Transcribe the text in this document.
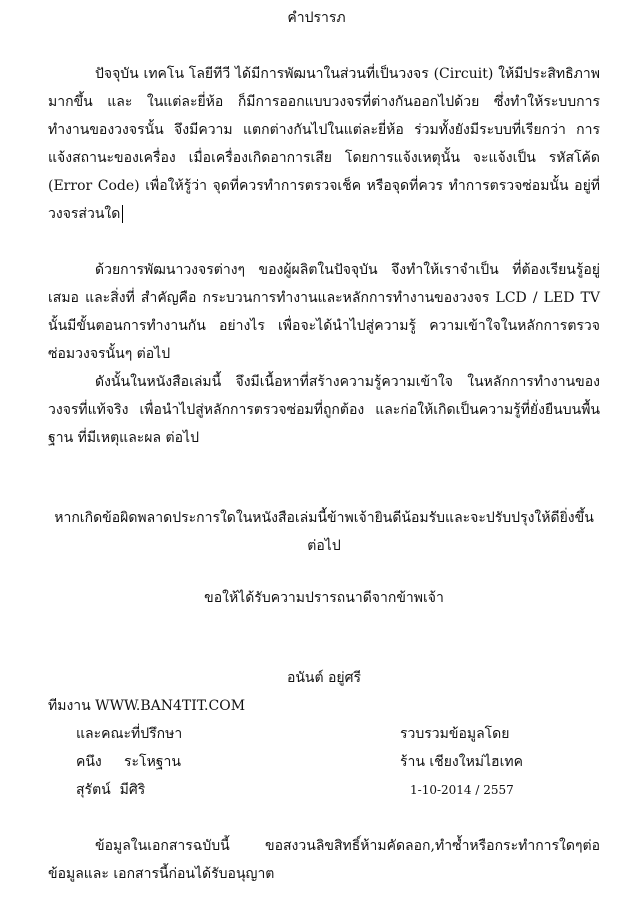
คำปรารภ

ปัจจุบัน เทคโน โลยีทีวี ได้มีการพัฒนาในส่วนที่เป็นวงจร (Circuit) ให้มีประสิทธิภาพมากขึ้น และ ในแต่ละยี่ห้อ ก็มีการออกแบบวงจรที่ต่างกันออกไปด้วย ซึ่งทำให้ระบบการทำงานของวงจรนั้น จึงมีความ แตกต่างกันไปในแต่ละยี่ห้อ ร่วมทั้งยังมีระบบที่เรียกว่า การแจ้งสถานะของเครื่อง เมื่อเครื่องเกิดอาการเสีย โดยการแจ้งเหตุนั้น จะแจ้งเป็น รหัสโค้ด (Error Code) เพื่อให้รู้ว่า จุดที่ควรทำการตรวจเช็ค หรือจุดที่ควร ทำการตรวจซ่อมนั้น อยู่ที่วงจรส่วนใด

ด้วยการพัฒนาวงจรต่างๆ ของผู้ผลิตในปัจจุบัน จึงทำให้เราจำเป็น ที่ต้องเรียนรู้อยู่เสมอ และสิ่งที่ สำคัญคือ กระบวนการทำงานและหลักการทำงานของวงจร LCD / LED TV นั้นมีขั้นตอนการทำงานกัน อย่างไร เพื่อจะได้นำไปสู่ความรู้ ความเข้าใจในหลักการตรวจซ่อมวงจรนั้นๆ ต่อไป

ดังนั้นในหนังสือเล่มนี้ จึงมีเนื้อหาที่สร้างความรู้ความเข้าใจ ในหลักการทำงานของวงจรที่แท้จริง เพื่อนำไปสู่หลักการตรวจซ่อมที่ถูกต้อง และก่อให้เกิดเป็นความรู้ที่ยั่งยืนบนพื้นฐาน ที่มีเหตุและผล ต่อไป

หากเกิดข้อผิดพลาดประการใดในหนังสือเล่มนี้ข้าพเจ้ายินดีน้อมรับและจะปรับปรุงให้ดียิ่งขึ้นต่อไป

ขอให้ได้รับความปรารถนาดีจากข้าพเจ้า

อนันต์ อยู่ศรี

ทีมงาน WWW.BAN4TIT.COM

และคณะที่ปรึกษา
คนึง     ระโหฐาน
สุรัตน์  มีศิริ
รวบรวมข้อมูลโดย
ร้าน เชียงใหม่ไฮเทค
1-10-2014 / 2557

ข้อมูลในเอกสารฉบับนี้ ขอสงวนลิขสิทธิ์ห้ามคัดลอก,ทำซ้ำหรือกระทำการใดๆต่อข้อมูลและ เอกสารนี้ก่อนได้รับอนุญาต
